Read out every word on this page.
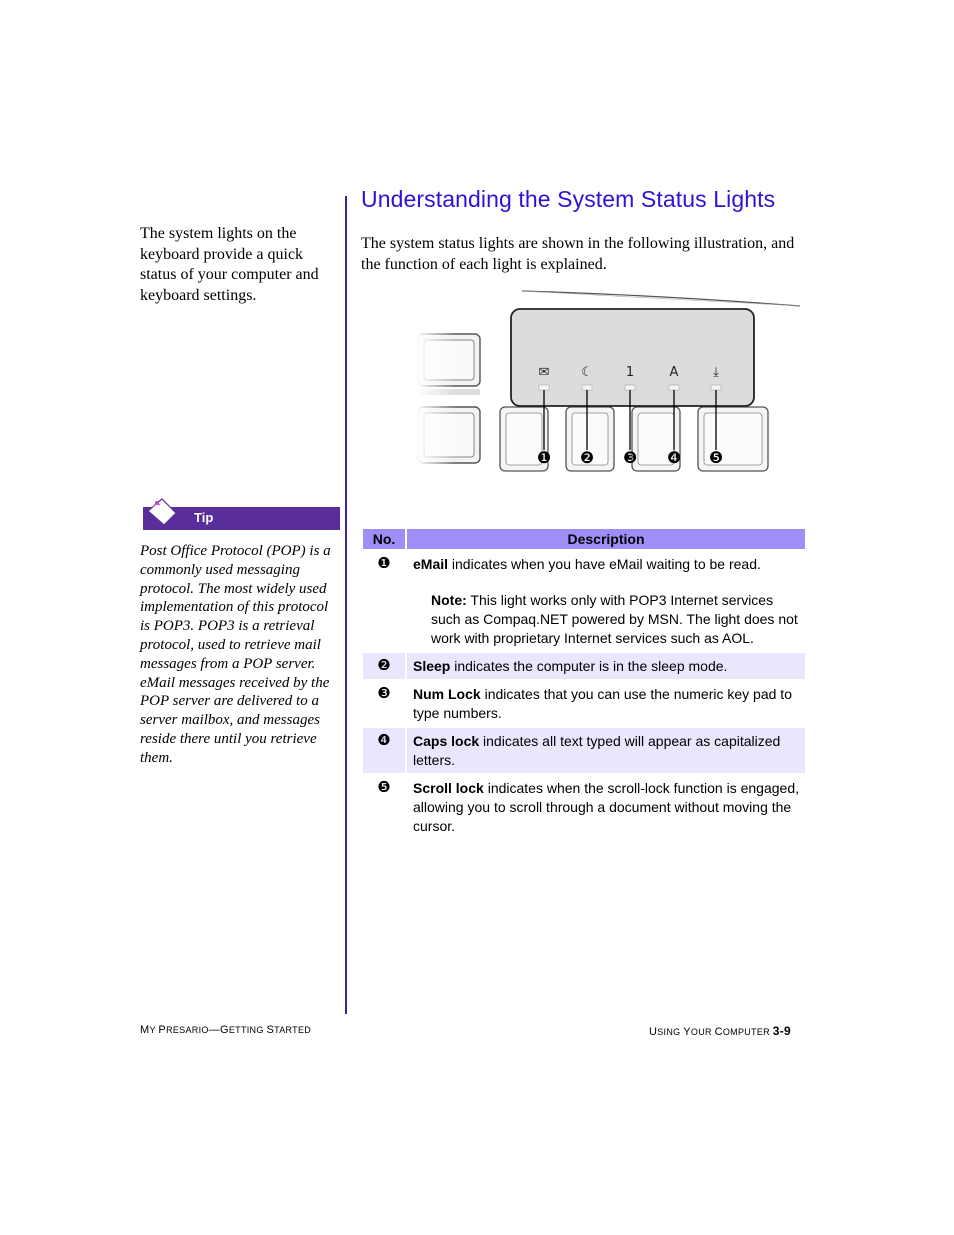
The system lights on the keyboard provide a quick status of your computer and keyboard settings.
Understanding the System Status Lights
The system status lights are shown in the following illustration, and the function of each light is explained.
✉ ☾	1	A	⤓
❶ ❷ ❸ ❹ ❺
Tip
Post Office Protocol (POP) is a commonly used messaging protocol. The most widely used implementation of this protocol is POP3. POP3 is a retrieval protocol, used to retrieve mail messages from a POP server. eMail messages received by the POP server are delivered to a server mailbox, and messages reside there until you retrieve them.
No.	Description
❶	eMail indicates when you have eMail waiting to be read.
	Note: This light works only with POP3 Internet services such as Compaq.NET powered by MSN. The light does not work with proprietary Internet services such as AOL.
❷	Sleep indicates the computer is in the sleep mode.
❸	Num Lock indicates that you can use the numeric key pad to type numbers.
❹	Caps lock indicates all text typed will appear as capitalized letters.
❺	Scroll lock indicates when the scroll-lock function is engaged, allowing you to scroll through a document without moving the cursor.
MY PRESARIO—GETTING STARTED	USING YOUR COMPUTER 3-9
